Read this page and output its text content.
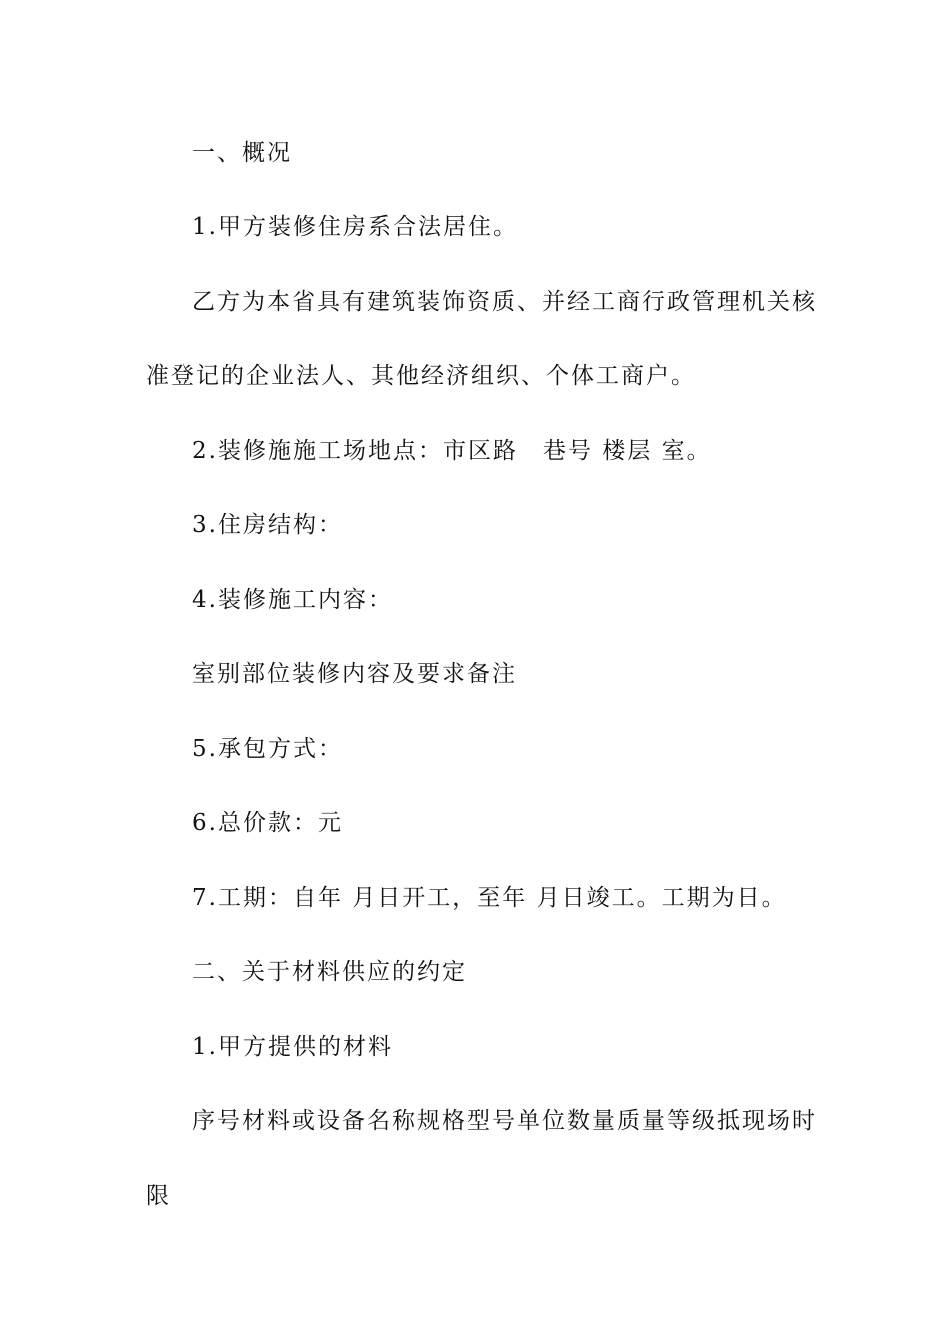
一、概况
1.甲方装修住房系合法居住。
乙方为本省具有建筑装饰资质、并经工商行政管理机关核
准登记的企业法人、其他经济组织、个体工商户。
2.装修施施工场地点：市区路　巷号 楼层 室。
3.住房结构：
4.装修施工内容：
室别部位装修内容及要求备注
5.承包方式：
6.总价款：元
7.工期：自年 月日开工，至年 月日竣工。工期为日。
二、关于材料供应的约定
1.甲方提供的材料
序号材料或设备名称规格型号单位数量质量等级抵现场时
限
